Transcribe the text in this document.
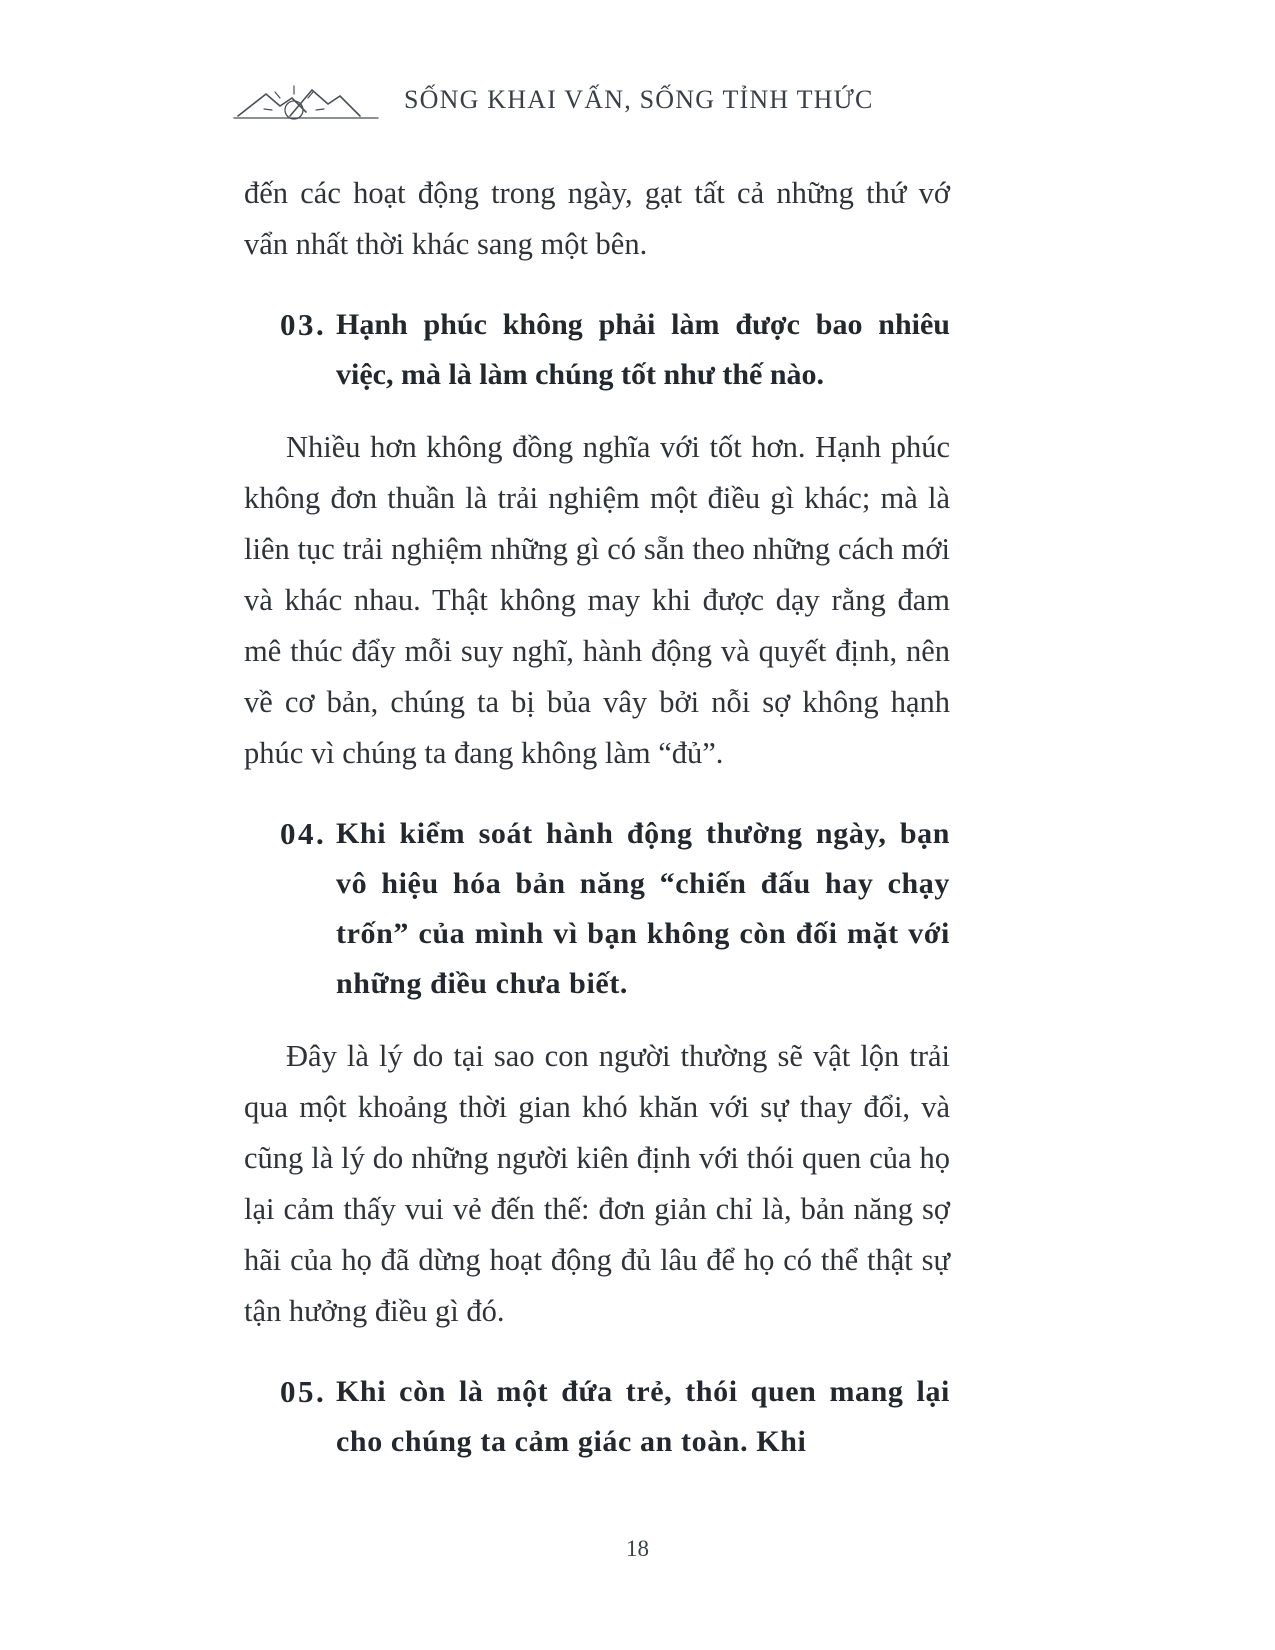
SỐNG KHAI VẤN, SỐNG TỈNH THỨC

đến các hoạt động trong ngày, gạt tất cả những thứ vớ vẩn nhất thời khác sang một bên.

03. Hạnh phúc không phải làm được bao nhiêu việc, mà là làm chúng tốt như thế nào.

Nhiều hơn không đồng nghĩa với tốt hơn. Hạnh phúc không đơn thuần là trải nghiệm một điều gì khác; mà là liên tục trải nghiệm những gì có sẵn theo những cách mới và khác nhau. Thật không may khi được dạy rằng đam mê thúc đẩy mỗi suy nghĩ, hành động và quyết định, nên về cơ bản, chúng ta bị bủa vây bởi nỗi sợ không hạnh phúc vì chúng ta đang không làm “đủ”.

04. Khi kiểm soát hành động thường ngày, bạn vô hiệu hóa bản năng “chiến đấu hay chạy trốn” của mình vì bạn không còn đối mặt với những điều chưa biết.

Đây là lý do tại sao con người thường sẽ vật lộn trải qua một khoảng thời gian khó khăn với sự thay đổi, và cũng là lý do những người kiên định với thói quen của họ lại cảm thấy vui vẻ đến thế: đơn giản chỉ là, bản năng sợ hãi của họ đã dừng hoạt động đủ lâu để họ có thể thật sự tận hưởng điều gì đó.

05. Khi còn là một đứa trẻ, thói quen mang lại cho chúng ta cảm giác an toàn. Khi
18
